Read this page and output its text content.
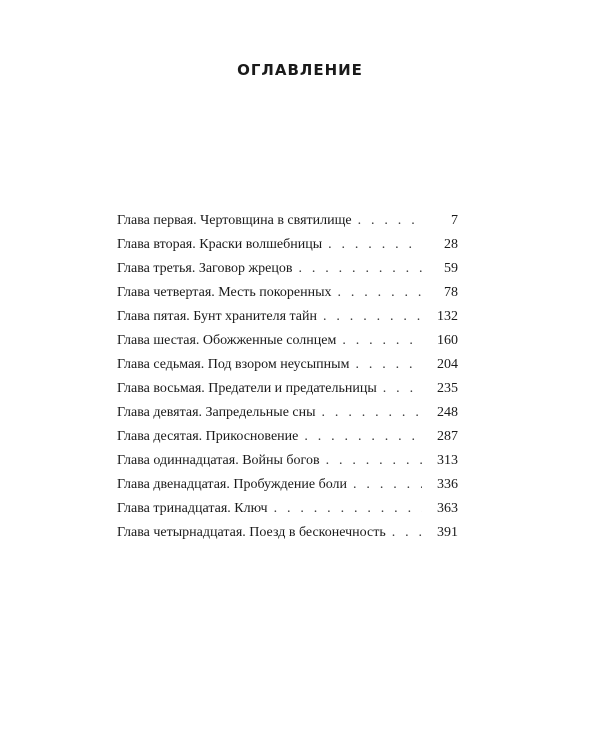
ОГЛАВЛЕНИЕ
Глава первая. Чертовщина в святилище . . .	7
Глава вторая. Краски волшебницы . . .	28
Глава третья. Заговор жрецов . . .	59
Глава четвертая. Месть покоренных . . .	78
Глава пятая. Бунт хранителя тайн . . .	132
Глава шестая. Обожженные солнцем . . .	160
Глава седьмая. Под взором неусыпным . . .	204
Глава восьмая. Предатели и предательницы . . .	235
Глава девятая. Запредельные сны . . .	248
Глава десятая. Прикосновение . . .	287
Глава одиннадцатая. Войны богов . . .	313
Глава двенадцатая. Пробуждение боли . . .	336
Глава тринадцатая. Ключ . . .	363
Глава четырнадцатая. Поезд в бесконечность . . .	391
